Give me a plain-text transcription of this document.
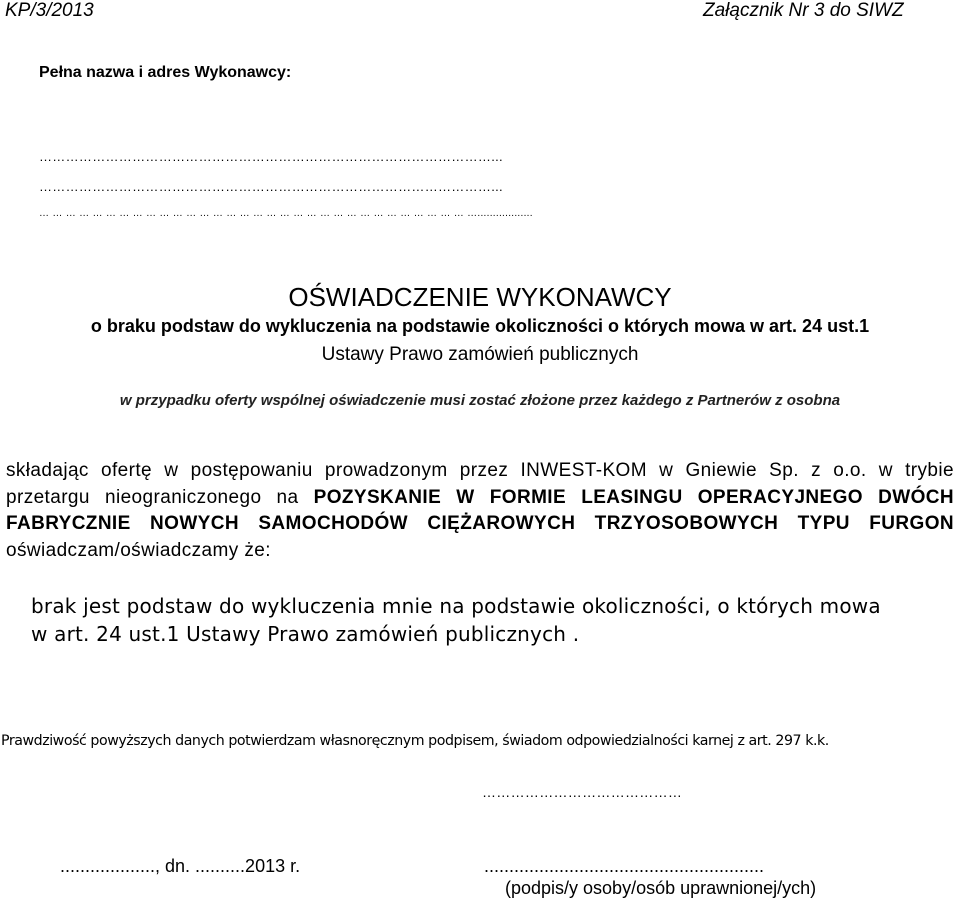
KP/3/2013	Załącznik Nr 3 do SIWZ
Pełna nazwa i adres Wykonawcy:
…………………………………………………………………………………………...
…………………………………………………………………………………………...
… … … … … … … … … … … … … … … … … … … … … … … … … … … … … … … … …..................
OŚWIADCZENIE WYKONAWCY
o braku podstaw do wykluczenia na podstawie okoliczności o których mowa w art. 24 ust.1
Ustawy Prawo zamówień publicznych
w przypadku oferty wspólnej oświadczenie musi zostać złożone przez każdego z Partnerów z osobna
składając ofertę w postępowaniu prowadzonym przez INWEST-KOM w Gniewie Sp. z o.o. w trybie przetargu nieograniczonego na POZYSKANIE W FORMIE LEASINGU OPERACYJNEGO DWÓCH FABRYCZNIE NOWYCH SAMOCHODÓW CIĘŻAROWYCH TRZYOSOBOWYCH TYPU FURGON oświadczam/oświadczamy że:
brak jest podstaw do wykluczenia mnie na podstawie okoliczności, o których mowa
w art. 24 ust.1 Ustawy Prawo zamówień publicznych .
Prawdziwość powyższych danych potwierdzam własnoręcznym podpisem, świadom odpowiedzialności karnej z art. 297 k.k.
……………………………………
..................., dn. ..........2013 r.	........................................................
(podpis/y osoby/osób uprawnionej/ych)
